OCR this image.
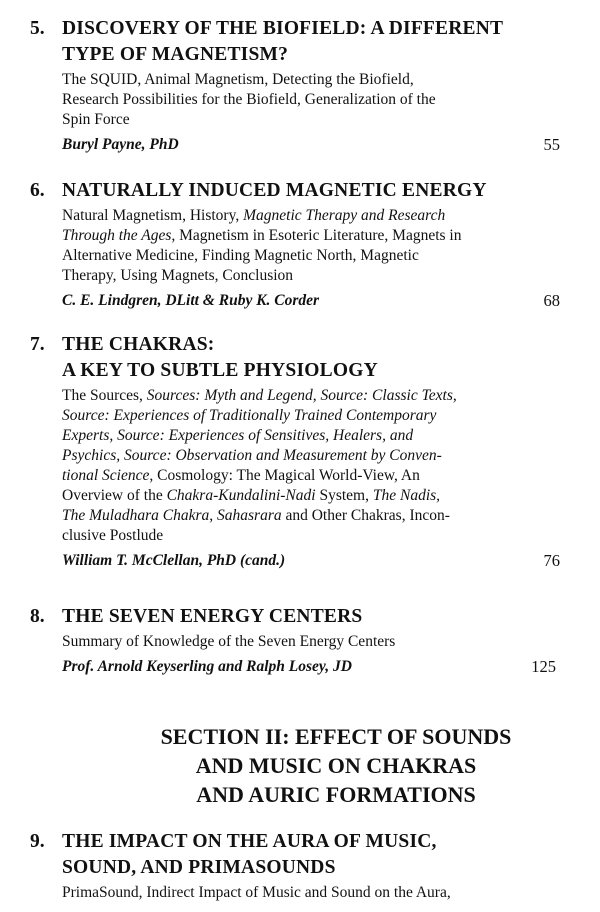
5. DISCOVERY OF THE BIOFIELD: A DIFFERENT
TYPE OF MAGNETISM?

The SQUID, Animal Magnetism, Detecting the Biofield,

Research Possibilities for the Biofield, Generalization of the

Spin Force

Buryl Payne, PhD	55
6. NATURALLY INDUCED MAGNETIC ENERGY

Natural Magnetism, History, Magnetic Therapy and Research

Through the Ages, Magnetism in Esoteric Literature, Magnets in

Alternative Medicine, Finding Magnetic North, Magnetic

Therapy, Using Magnets, Conclusion

C. E. Lindgren, DLitt & Ruby K. Corder	68
7. THE CHAKRAS:
A KEY TO SUBTLE PHYSIOLOGY

The Sources, Sources: Myth and Legend, Source: Classic Texts,

Source: Experiences of Traditionally Trained Contemporary

Experts, Source: Experiences of Sensitives, Healers, and

Psychics, Source: Observation and Measurement by Conven-

tional Science, Cosmology: The Magical World-View, An

Overview of the Chakra-Kundalini-Nadi System, The Nadis,

The Muladhara Chakra, Sahasrara and Other Chakras, Incon-

clusive Postlude

William T. McClellan, PhD (cand.)	76
8. THE SEVEN ENERGY CENTERS

Summary of Knowledge of the Seven Energy Centers

Prof. Arnold Keyserling and Ralph Losey, JD	125

SECTION II: EFFECT OF SOUNDS

AND MUSIC ON CHAKRAS

AND AURIC FORMATIONS

9. THE IMPACT ON THE AURA OF MUSIC,
SOUND, AND PRIMASOUNDS

PrimaSound, Indirect Impact of Music and Sound on the Aura,
